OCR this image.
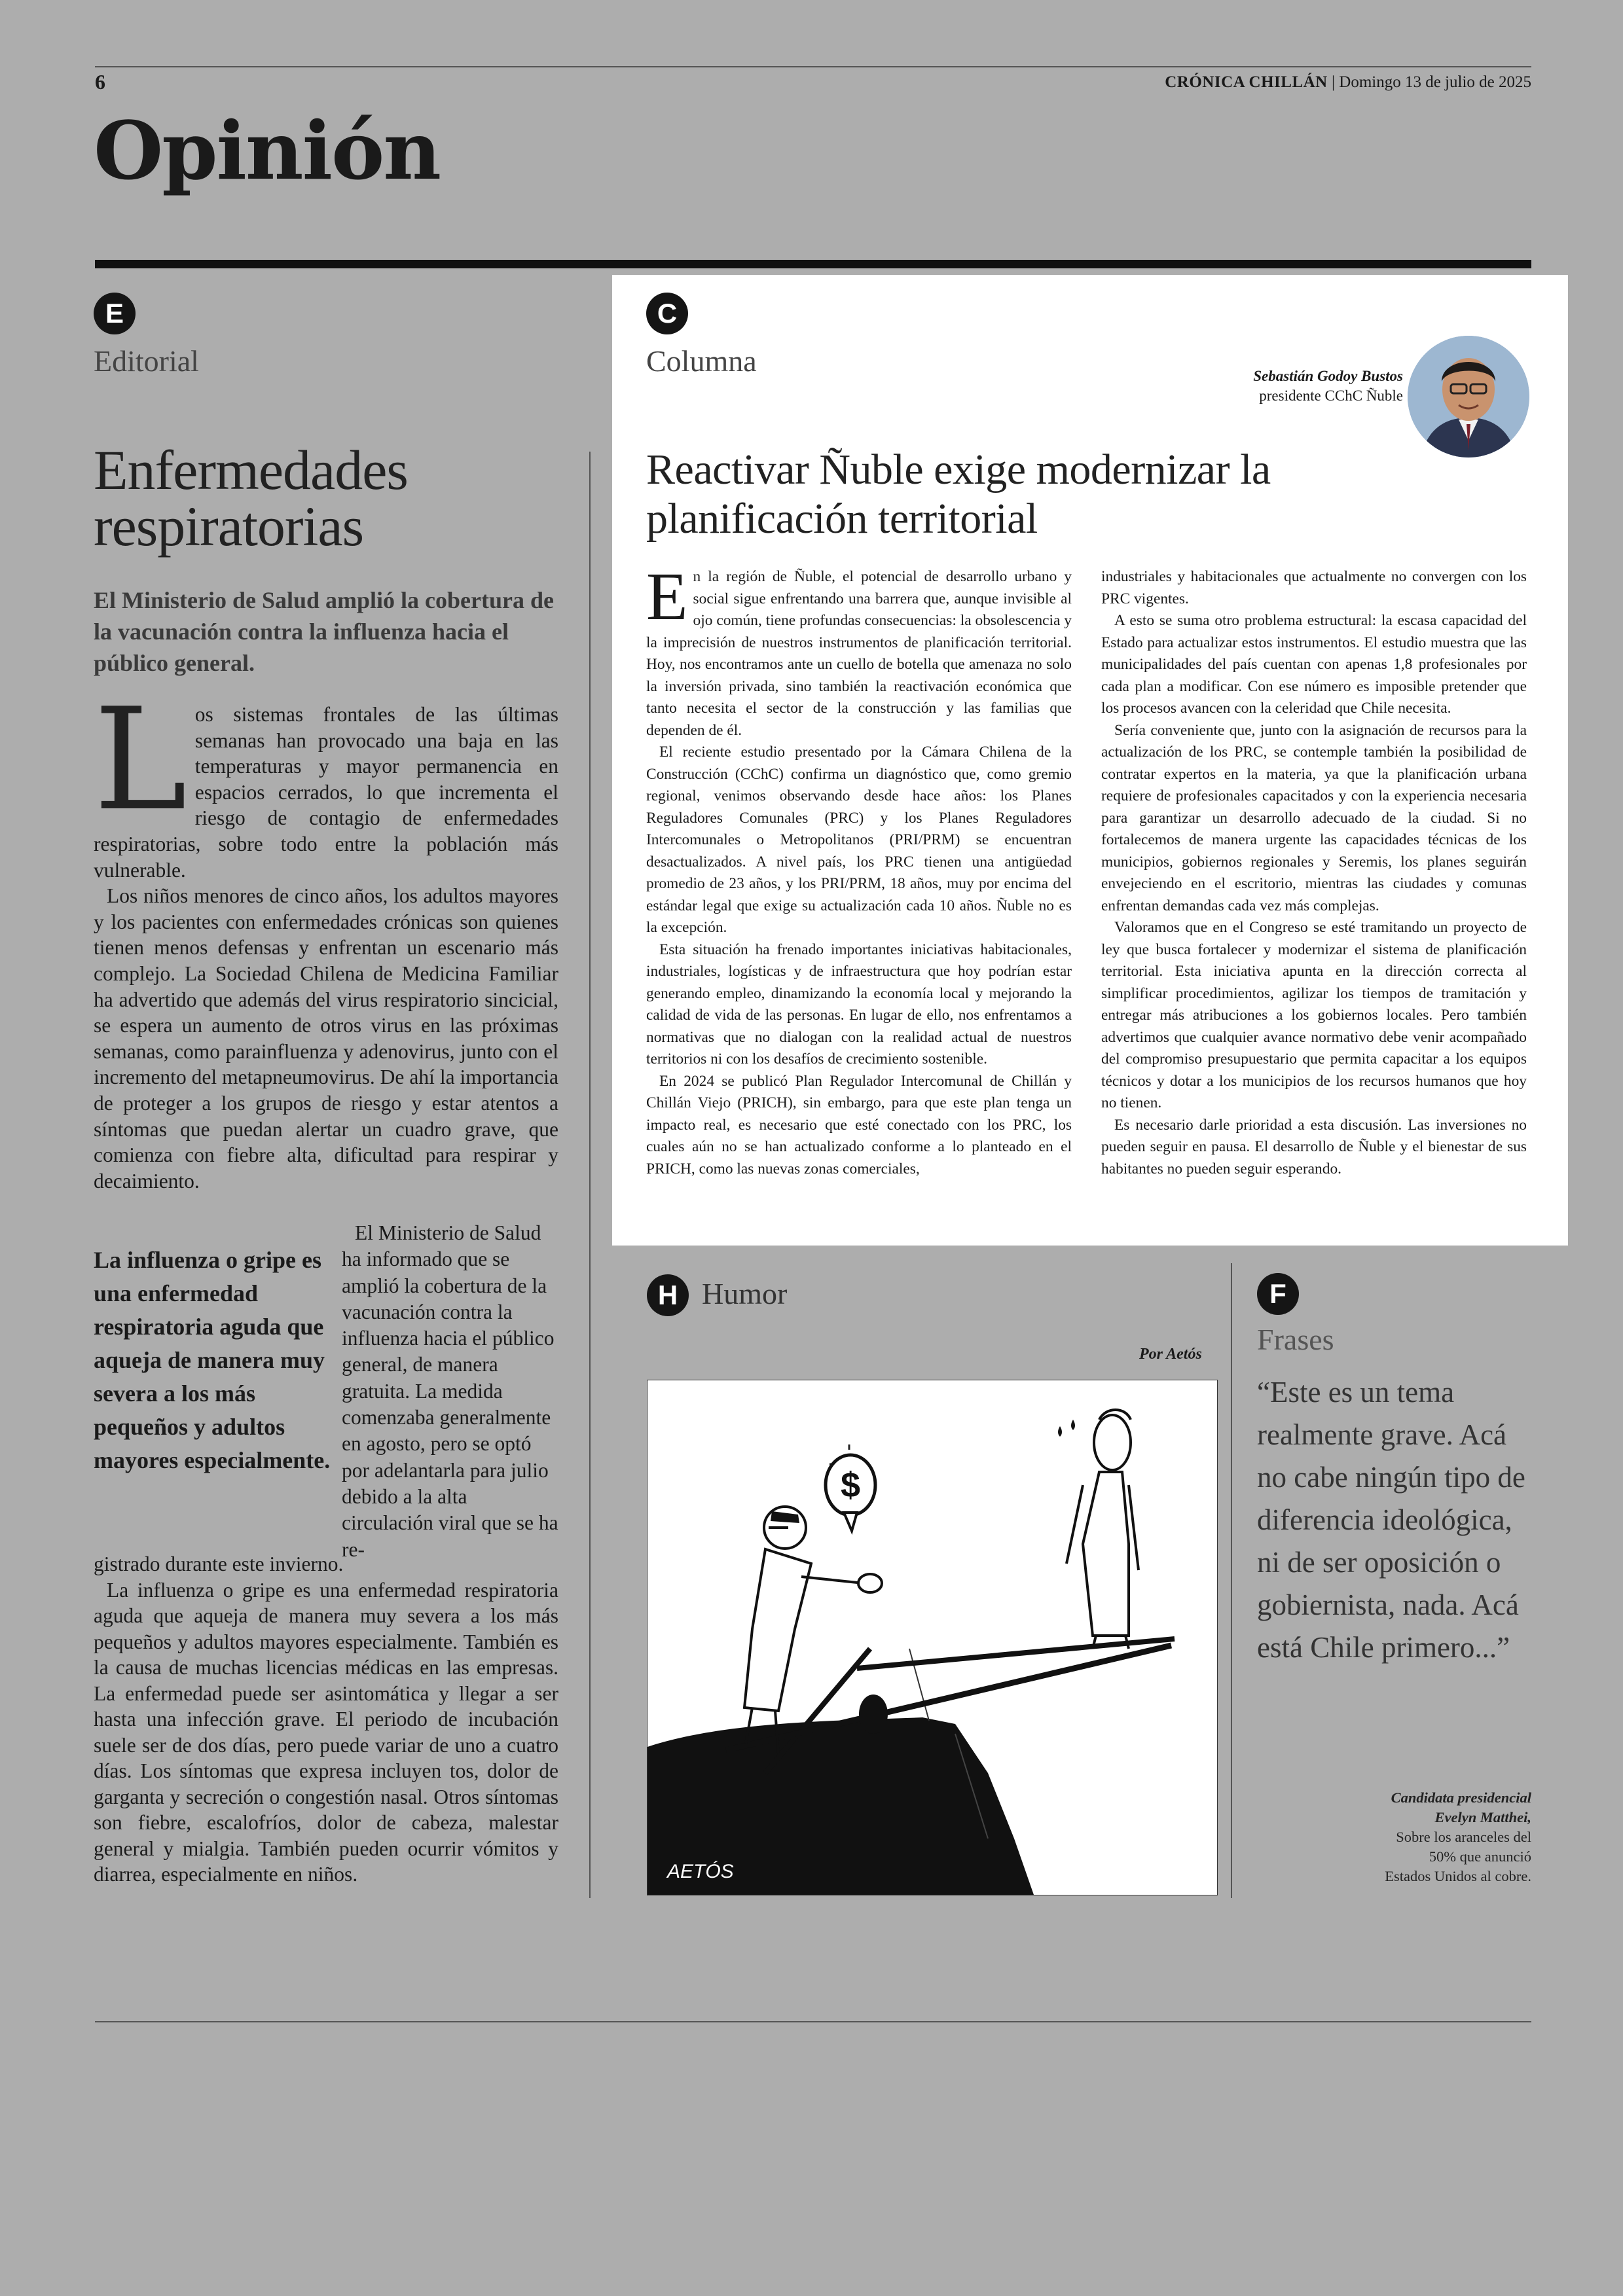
6	CRÓNICA CHILLÁN | Domingo 13 de julio de 2025
Opinión
E
Editorial
Enfermedades respiratorias
El Ministerio de Salud amplió la cobertura de la vacunación contra la influenza hacia el público general.

Los sistemas frontales de las últimas semanas han provocado una baja en las temperaturas y mayor permanencia en espacios cerrados, lo que incrementa el riesgo de contagio de enfermedades respiratorias, sobre todo entre la población más vulnerable.

Los niños menores de cinco años, los adultos mayores y los pacientes con enfermedades crónicas son quienes tienen menos defensas y enfrentan un escenario más complejo. La Sociedad Chilena de Medicina Familiar ha advertido que además del virus respiratorio sincicial, se espera un aumento de otros virus en las próximas semanas, como parainfluenza y adenovirus, junto con el incremento del metapneumovirus. De ahí la importancia de proteger a los grupos de riesgo y estar atentos a síntomas que puedan alertar un cuadro grave, que comienza con fiebre alta, dificultad para respirar y decaimiento.

La influenza o gripe es una enfermedad respiratoria aguda que aqueja de manera muy severa a los más pequeños y adultos mayores especialmente.
El Ministerio de Salud ha informado que se amplió la cobertura de la vacunación contra la influenza hacia el público general, de manera gratuita. La medida comenzaba generalmente en agosto, pero se optó por adelantarla para julio debido a la alta circulación viral que se ha re-

gistrado durante este invierno.

La influenza o gripe es una enfermedad respiratoria aguda que aqueja de manera muy severa a los más pequeños y adultos mayores especialmente. También es la causa de muchas licencias médicas en las empresas. La enfermedad puede ser asintomática y llegar a ser hasta una infección grave. El periodo de incubación suele ser de dos días, pero puede variar de uno a cuatro días. Los síntomas que expresa incluyen tos, dolor de garganta y secreción o congestión nasal. Otros síntomas son fiebre, escalofríos, dolor de cabeza, malestar general y mialgia. También pueden ocurrir vómitos y diarrea, especialmente en niños.

C
Columna	Sebastián Godoy Bustos
presidente CChC Ñuble
Reactivar Ñuble exige modernizar la planificación territorial

En la región de Ñuble, el potencial de desarrollo urbano y social sigue enfrentando una barrera que, aunque invisible al ojo común, tiene profundas consecuencias: la obsolescencia y la imprecisión de nuestros instrumentos de planificación territorial. Hoy, nos encontramos ante un cuello de botella que amenaza no solo la inversión privada, sino también la reactivación económica que tanto necesita el sector de la construcción y las familias que dependen de él.

El reciente estudio presentado por la Cámara Chilena de la Construcción (CChC) confirma un diagnóstico que, como gremio regional, venimos observando desde hace años: los Planes Reguladores Comunales (PRC) y los Planes Reguladores Intercomunales o Metropolitanos (PRI/PRM) se encuentran desactualizados. A nivel país, los PRC tienen una antigüedad promedio de 23 años, y los PRI/PRM, 18 años, muy por encima del estándar legal que exige su actualización cada 10 años. Ñuble no es la excepción.

Esta situación ha frenado importantes iniciativas habitacionales, industriales, logísticas y de infraestructura que hoy podrían estar generando empleo, dinamizando la economía local y mejorando la calidad de vida de las personas. En lugar de ello, nos enfrentamos a normativas que no dialogan con la realidad actual de nuestros territorios ni con los desafíos de crecimiento sostenible.

En 2024 se publicó Plan Regulador Intercomunal de Chillán y Chillán Viejo (PRICH), sin embargo, para que este plan tenga un impacto real, es necesario que esté conectado con los PRC, los cuales aún no se han actualizado conforme a lo planteado en el PRICH, como las nuevas zonas comerciales,

industriales y habitacionales que actualmente no convergen con los PRC vigentes.

A esto se suma otro problema estructural: la escasa capacidad del Estado para actualizar estos instrumentos. El estudio muestra que las municipalidades del país cuentan con apenas 1,8 profesionales por cada plan a modificar. Con ese número es imposible pretender que los procesos avancen con la celeridad que Chile necesita.

Sería conveniente que, junto con la asignación de recursos para la actualización de los PRC, se contemple también la posibilidad de contratar expertos en la materia, ya que la planificación urbana requiere de profesionales capacitados y con la experiencia necesaria para garantizar un desarrollo adecuado de la ciudad. Si no fortalecemos de manera urgente las capacidades técnicas de los municipios, gobiernos regionales y Seremis, los planes seguirán envejeciendo en el escritorio, mientras las ciudades y comunas enfrentan demandas cada vez más complejas.

Valoramos que en el Congreso se esté tramitando un proyecto de ley que busca fortalecer y modernizar el sistema de planificación territorial. Esta iniciativa apunta en la dirección correcta al simplificar procedimientos, agilizar los tiempos de tramitación y entregar más atribuciones a los gobiernos locales. Pero también advertimos que cualquier avance normativo debe venir acompañado del compromiso presupuestario que permita capacitar a los equipos técnicos y dotar a los municipios de los recursos humanos que hoy no tienen.

Es necesario darle prioridad a esta discusión. Las inversiones no pueden seguir en pausa. El desarrollo de Ñuble y el bienestar de sus habitantes no pueden seguir esperando.

H Humor
Por Aetós
$
AETÓS
F
Frases
“Este es un tema realmente grave. Acá no cabe ningún tipo de diferencia ideológica, ni de ser oposición o gobiernista, nada. Acá está Chile primero...”
Candidata presidencial
Evelyn Matthei,
Sobre los aranceles del 50% que anunció Estados Unidos al cobre.
